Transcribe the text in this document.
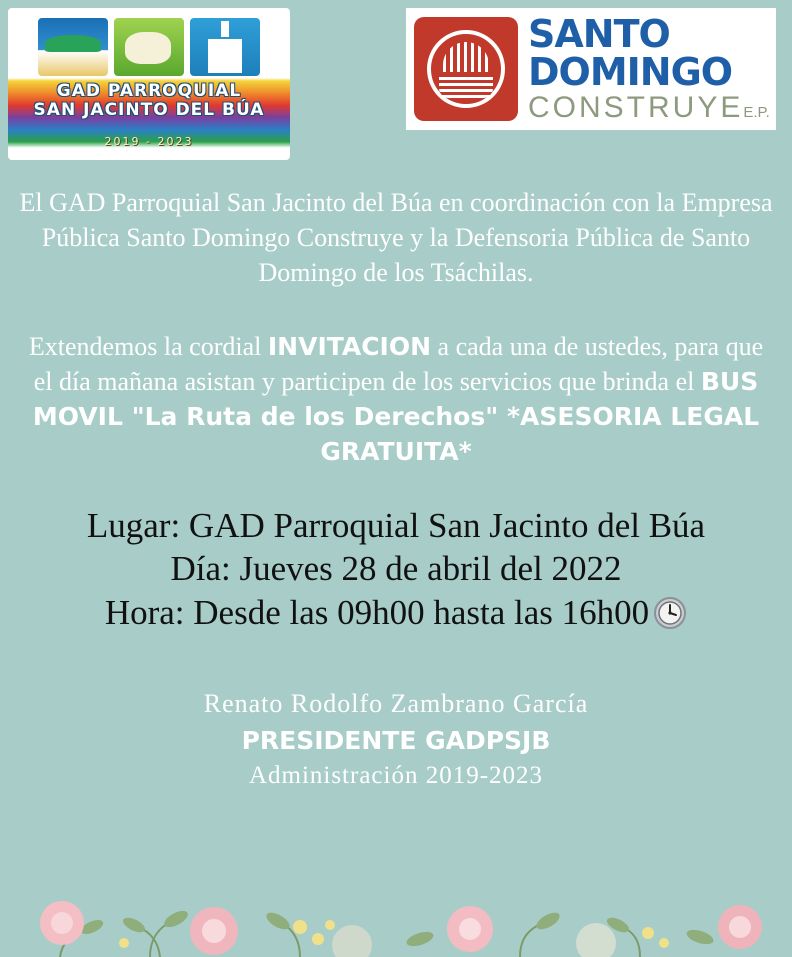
GAD PARROQUIAL
SAN JACINTO DEL BÚA
2019 - 2023
SANTO
DOMINGO
CONSTRUYEE.P.
El GAD Parroquial San Jacinto del Búa en coordinación con la Empresa Pública Santo Domingo Construye y la Defensoria Pública de Santo Domingo de los Tsáchilas.
Extendemos la cordial INVITACION a cada una de ustedes, para que el día mañana asistan y participen de los servicios que brinda el BUS MOVIL "La Ruta de los Derechos" *ASESORIA LEGAL GRATUITA*
Lugar: GAD Parroquial San Jacinto del Búa
Día: Jueves 28 de abril del 2022
Hora: Desde las 09h00 hasta las 16h00
Renato Rodolfo Zambrano García
PRESIDENTE GADPSJB
Administración 2019-2023
